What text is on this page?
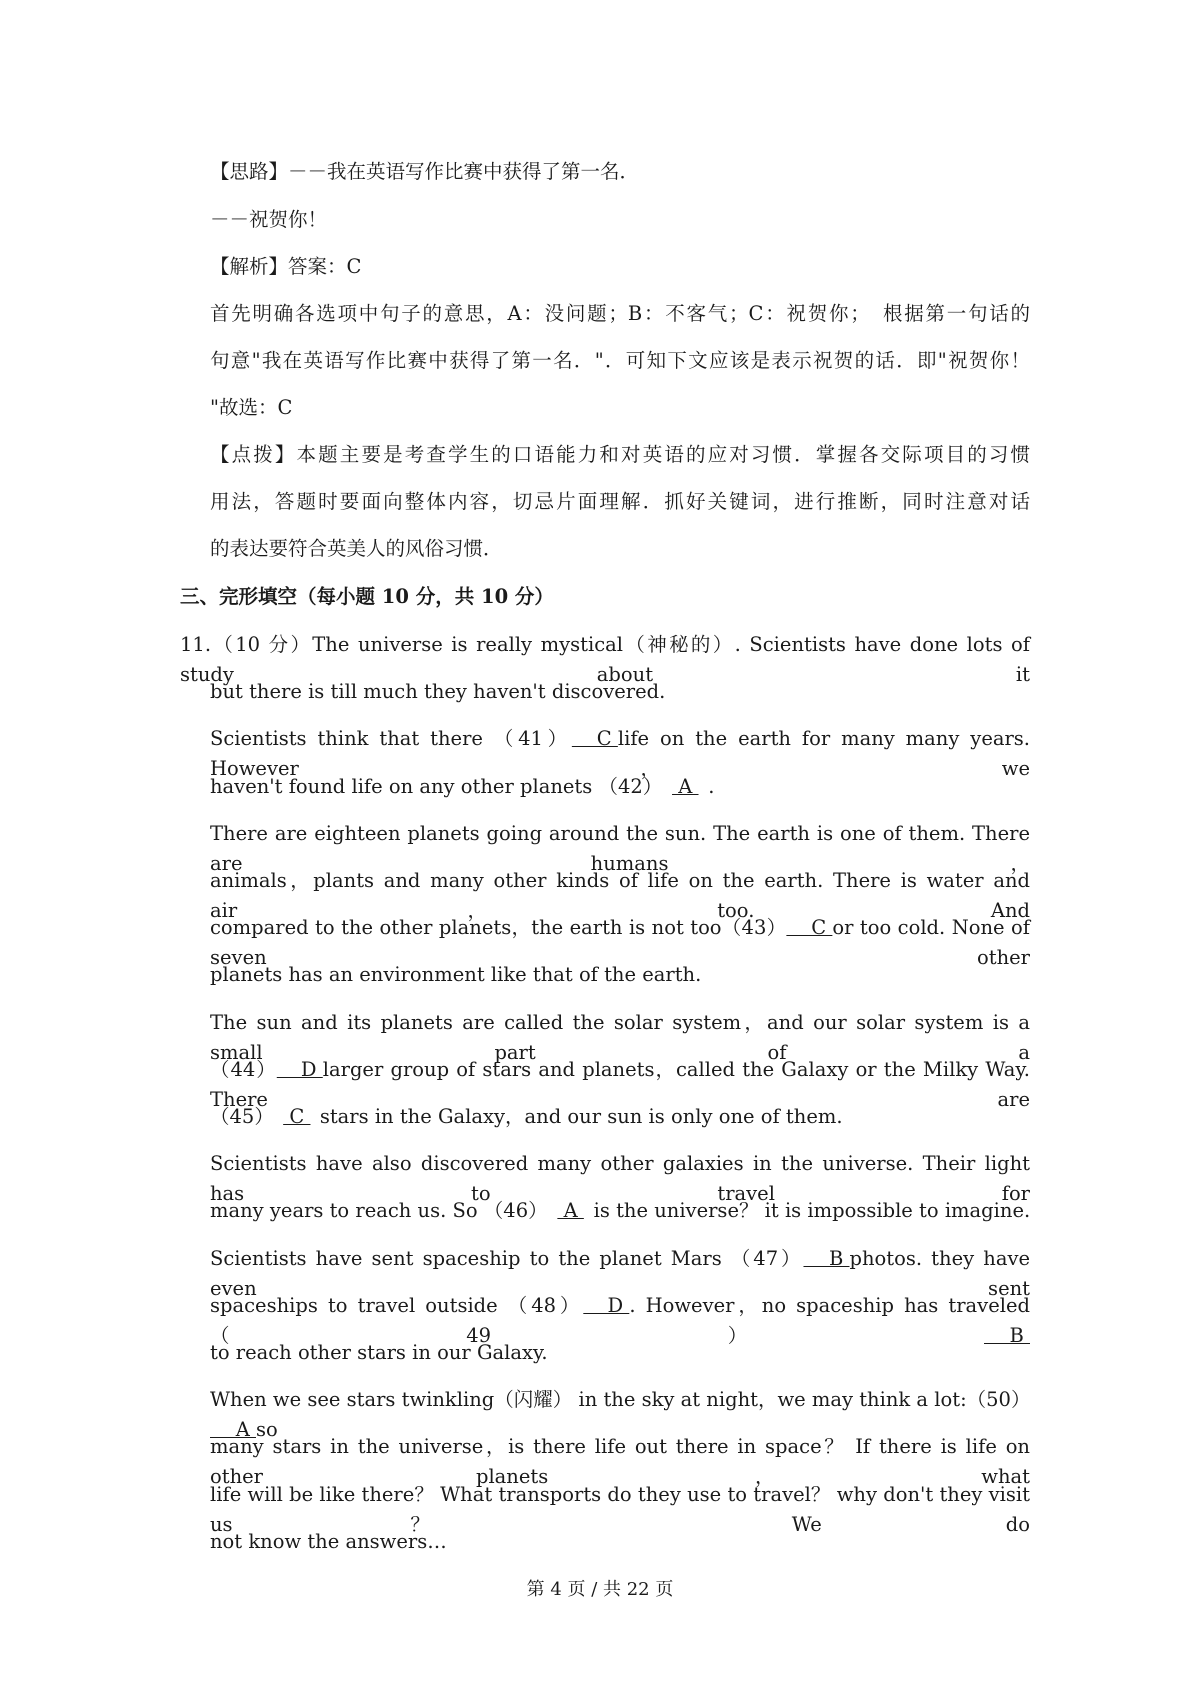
【思路】－－我在英语写作比赛中获得了第一名．
－－祝贺你！
【解析】答案：C
首先明确各选项中句子的意思，A：没问题；B：不客气；C：祝贺你；　根据第一句话的
句意"我在英语写作比赛中获得了第一名．"．可知下文应该是表示祝贺的话．即"祝贺你！
"故选：C
【点拨】本题主要是考查学生的口语能力和对英语的应对习惯．掌握各交际项目的习惯
用法，答题时要面向整体内容，切忌片面理解．抓好关键词，进行推断，同时注意对话
的表达要符合英美人的风俗习惯．
三、完形填空（每小题 10 分，共 10 分）
11.（10 分）The universe is really mystical（神秘的）. Scientists have done lots of study about it
but there is till much they haven't discovered.
Scientists think that there （41） C life on the earth for many many years. However，we
haven't found life on any other planets （42） A .
There are eighteen planets going around the sun. The earth is one of them. There are humans，
animals，plants and many other kinds of life on the earth. There is water and air，too. And
compared to the other planets，the earth is not too（43） C or too cold. None of seven other
planets has an environment like that of the earth.
The sun and its planets are called the solar system，and our solar system is a small part of a
（44） D larger group of stars and planets，called the Galaxy or the Milky Way. There are
（45） C stars in the Galaxy，and our sun is only one of them.
Scientists have also discovered many other galaxies in the universe. Their light has to travel for
many years to reach us. So （46） A is the universe？ it is impossible to imagine.
Scientists have sent spaceship to the planet Mars （47） B photos. they have even sent
spaceships to travel outside （48） D . However，no spaceship has traveled （49） B
to reach other stars in our Galaxy.
When we see stars twinkling（闪耀） in the sky at night，we may think a lot:（50） A so
many stars in the universe，is there life out there in space？ If there is life on other planets，what
life will be like there？ What transports do they use to travel？ why don't they visit us？ We do
not know the answers…
第 4 页 / 共 22 页
